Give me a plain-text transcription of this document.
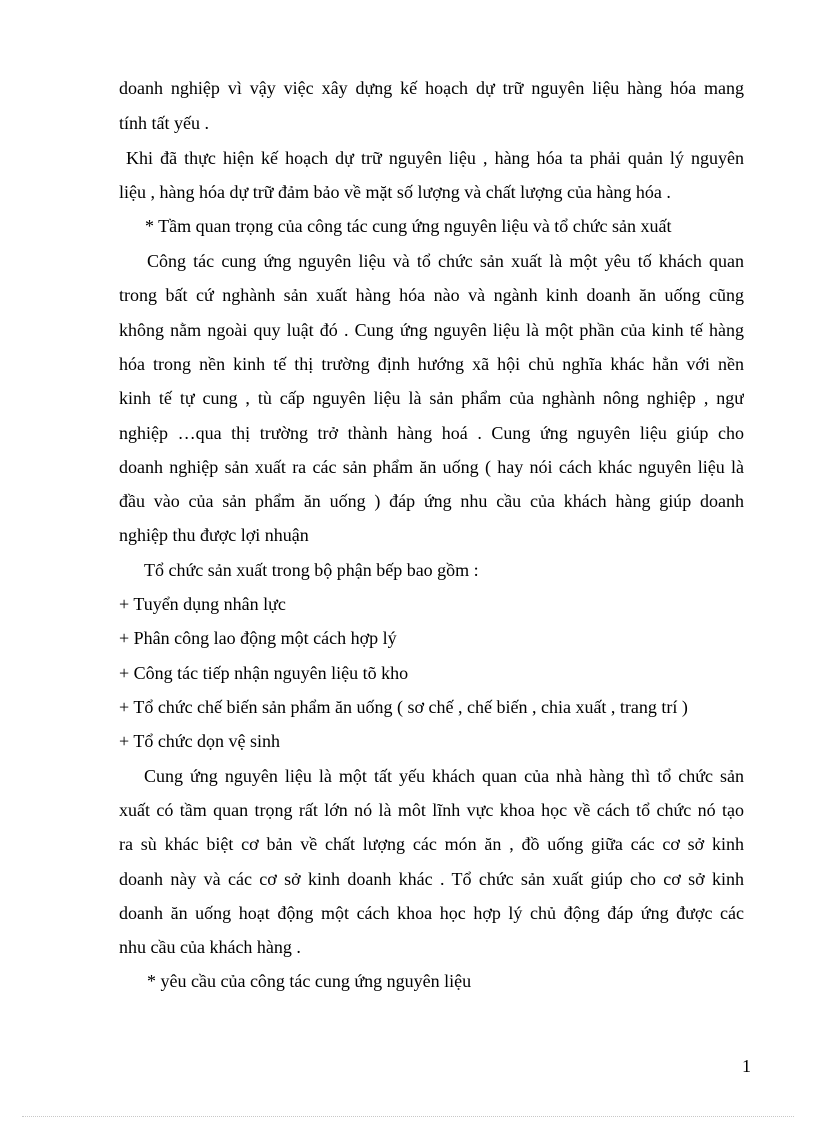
doanh nghiệp vì vậy việc xây dựng kế hoạch dự trữ nguyên liệu hàng hóa mang
tính tất yếu .
Khi đã thực hiện kế hoạch dự trữ nguyên liệu , hàng hóa ta phải quản lý nguyên
liệu , hàng hóa dự trữ đảm bảo về mặt số lượng và chất lượng của hàng hóa .
* Tầm quan trọng của công tác cung ứng nguyên liệu và tổ chức sản xuất
Công tác cung ứng nguyên liệu và tổ chức sản xuất là một yêu tố khách quan
trong bất cứ nghành sản xuất hàng hóa nào và ngành kinh doanh ăn uống cũng
không nằm ngoài quy luật đó . Cung ứng nguyên liệu là một phần của kinh tế hàng
hóa trong nền kinh tế thị trường định hướng xã hội chủ nghĩa khác hẳn với nền
kinh tế tự cung , tù cấp nguyên liệu là sản phẩm của nghành nông nghiệp , ngư
nghiệp …qua thị trường trở thành hàng hoá . Cung ứng nguyên liệu giúp cho
doanh nghiệp sản xuất ra các sản phẩm ăn uống ( hay nói cách khác nguyên liệu là
đầu vào của sản phẩm ăn uống ) đáp ứng nhu cầu của khách hàng giúp doanh
nghiệp thu được lợi nhuận
Tổ chức sản xuất trong bộ phận bếp bao gồm :
+ Tuyển dụng nhân lực
+ Phân công lao động một cách hợp lý
+ Công tác tiếp nhận nguyên liệu tõ kho
+ Tổ chức chế biến sản phẩm ăn uống ( sơ chế , chế biến , chia xuất , trang trí )
+ Tổ chức dọn vệ sinh
Cung ứng nguyên liệu là một tất yếu khách quan của nhà hàng thì tổ chức sản
xuất có tầm quan trọng rất lớn nó là môt lĩnh vực khoa học về cách tổ chức nó tạo
ra sù khác biệt cơ bản về chất lượng các món ăn , đồ uống giữa các cơ sở kinh
doanh này và các cơ sở kinh doanh khác . Tổ chức sản xuất giúp cho cơ sở kinh
doanh ăn uống hoạt động một cách khoa học hợp lý chủ động đáp ứng được các
nhu cầu của khách hàng .
* yêu cầu của công tác cung ứng nguyên liệu
1
